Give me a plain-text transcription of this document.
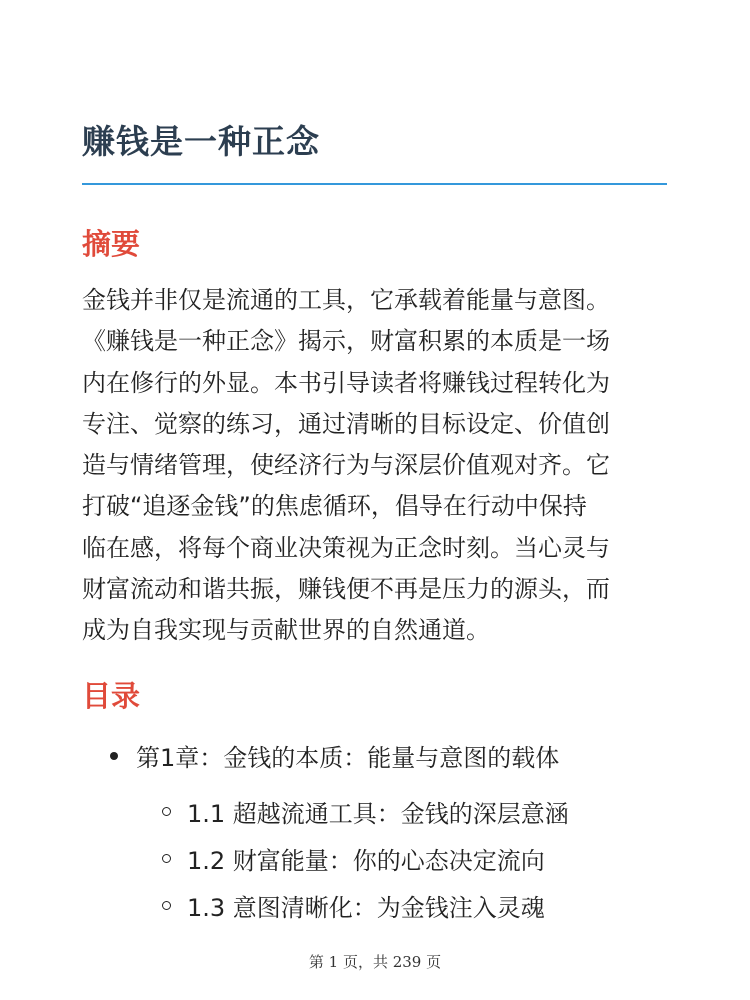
赚钱是一种正念
摘要
金钱并非仅是流通的工具，它承载着能量与意图。
《赚钱是一种正念》揭示，财富积累的本质是一场
内在修行的外显。本书引导读者将赚钱过程转化为
专注、觉察的练习，通过清晰的目标设定、价值创
造与情绪管理，使经济行为与深层价值观对齐。它
打破“追逐金钱”的焦虑循环，倡导在行动中保持
临在感，将每个商业决策视为正念时刻。当心灵与
财富流动和谐共振，赚钱便不再是压力的源头，而
成为自我实现与贡献世界的自然通道。
目录
第1章：金钱的本质：能量与意图的载体
1.1 超越流通工具：金钱的深层意涵
1.2 财富能量：你的心态决定流向
1.3 意图清晰化：为金钱注入灵魂
第 1 页，共 239 页
